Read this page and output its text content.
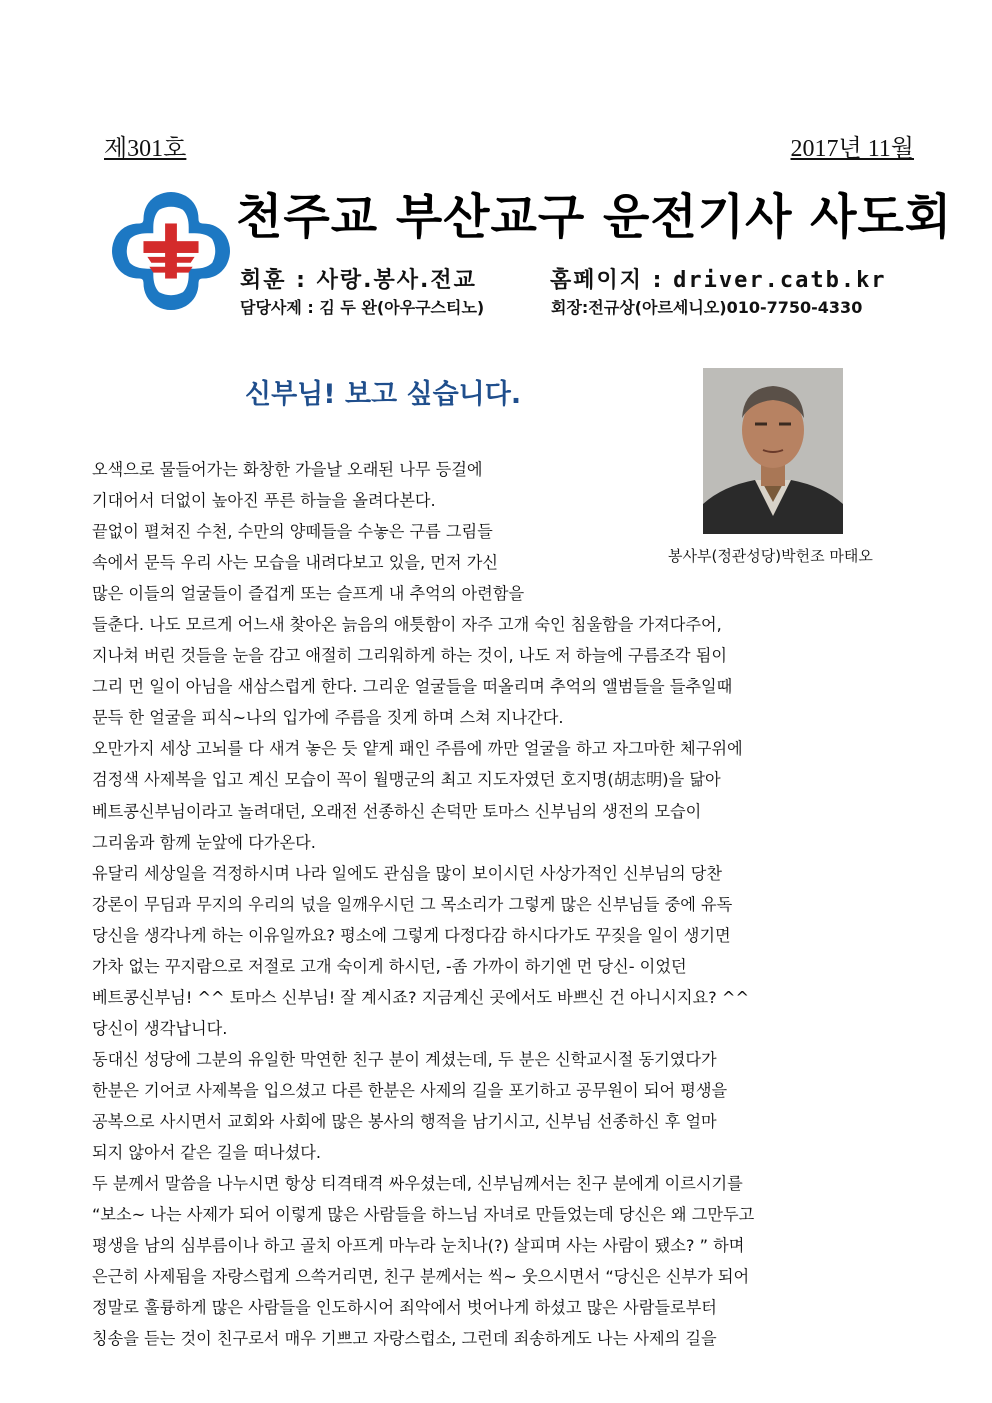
제301호	2017년 11월
천주교 부산교구 운전기사 사도회
회훈 : 사랑.봉사.전교	홈페이지 : driver.catb.kr
담당사제 : 김 두 완(아우구스티노)	회장:전규상(아르세니오)010-7750-4330
신부님! 보고 싶습니다.
봉사부(정관성당)박헌조 마태오
오색으로 물들어가는 화창한 가을날 오래된 나무 등걸에
기대어서 더없이 높아진 푸른 하늘을 올려다본다.
끝없이 펼쳐진 수천, 수만의 양떼들을 수놓은 구름 그림들
속에서 문득 우리 사는 모습을 내려다보고 있을, 먼저 가신
많은 이들의 얼굴들이 즐겁게 또는 슬프게 내 추억의 아련함을
들춘다. 나도 모르게 어느새 찾아온 늙음의 애틋함이 자주 고개 숙인 침울함을 가져다주어,
지나쳐 버린 것들을 눈을 감고 애절히 그리워하게 하는 것이, 나도 저 하늘에 구름조각 됨이
그리 먼 일이 아님을 새삼스럽게 한다. 그리운 얼굴들을 떠올리며 추억의 앨범들을 들추일때
문득 한 얼굴을 피식~나의 입가에 주름을 짓게 하며 스쳐 지나간다.
오만가지 세상 고뇌를 다 새겨 놓은 듯 얕게 패인 주름에 까만 얼굴을 하고 자그마한 체구위에
검정색 사제복을 입고 계신 모습이 꼭이 월맹군의 최고 지도자였던 호지명(胡志明)을 닮아
베트콩신부님이라고 놀려대던, 오래전 선종하신 손덕만 토마스 신부님의 생전의 모습이
그리움과 함께 눈앞에 다가온다.
유달리 세상일을 걱정하시며 나라 일에도 관심을 많이 보이시던 사상가적인 신부님의 당찬
강론이 무딤과 무지의 우리의 넋을 일깨우시던 그 목소리가 그렇게 많은 신부님들 중에 유독
당신을 생각나게 하는 이유일까요? 평소에 그렇게 다정다감 하시다가도 꾸짖을 일이 생기면
가차 없는 꾸지람으로 저절로 고개 숙이게 하시던, -좀 가까이 하기엔 먼 당신- 이었던
베트콩신부님! ^^ 토마스 신부님! 잘 계시죠? 지금계신 곳에서도 바쁘신 건 아니시지요? ^^
당신이 생각납니다.
동대신 성당에 그분의 유일한 막연한 친구 분이 계셨는데, 두 분은 신학교시절 동기였다가
한분은 기어코 사제복을 입으셨고 다른 한분은 사제의 길을 포기하고 공무원이 되어 평생을
공복으로 사시면서 교회와 사회에 많은 봉사의 행적을 남기시고, 신부님 선종하신 후 얼마
되지 않아서 같은 길을 떠나셨다.
두 분께서 말씀을 나누시면 항상 티격태격 싸우셨는데, 신부님께서는 친구 분에게 이르시기를
“보소~ 나는 사제가 되어 이렇게 많은 사람들을 하느님 자녀로 만들었는데 당신은 왜 그만두고
평생을 남의 심부름이나 하고 골치 아프게 마누라 눈치나(?) 살피며 사는 사람이 됐소? ” 하며
은근히 사제됨을 자랑스럽게 으쓱거리면, 친구 분께서는 씩~ 웃으시면서 “당신은 신부가 되어
정말로 훌륭하게 많은 사람들을 인도하시어 죄악에서 벗어나게 하셨고 많은 사람들로부터
칭송을 듣는 것이 친구로서 매우 기쁘고 자랑스럽소, 그런데 죄송하게도 나는 사제의 길을
